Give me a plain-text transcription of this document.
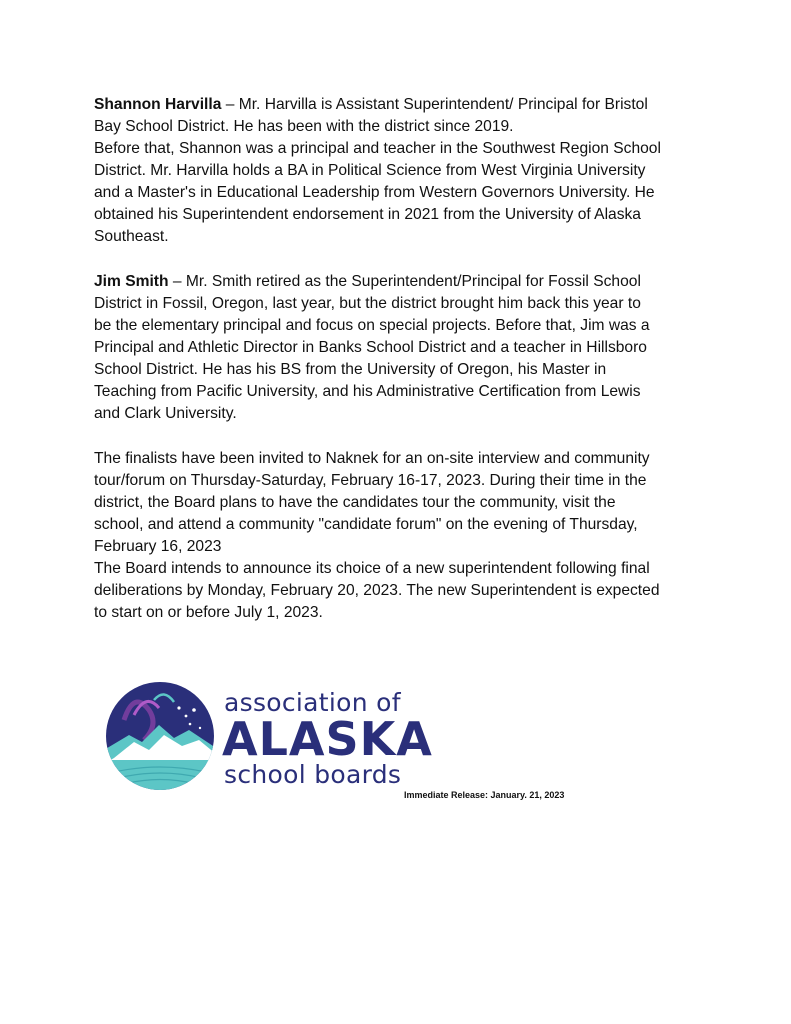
Shannon Harvilla – Mr. Harvilla is Assistant Superintendent/ Principal for Bristol
Bay School District. He has been with the district since 2019.
Before that, Shannon was a principal and teacher in the Southwest Region School
District. Mr. Harvilla holds a BA in Political Science from West Virginia University
and a Master's in Educational Leadership from Western Governors University. He
obtained his Superintendent endorsement in 2021 from the University of Alaska
Southeast.

Jim Smith – Mr. Smith retired as the Superintendent/Principal for Fossil School
District in Fossil, Oregon, last year, but the district brought him back this year to
be the elementary principal and focus on special projects. Before that, Jim was a
Principal and Athletic Director in Banks School District and a teacher in Hillsboro
School District. He has his BS from the University of Oregon, his Master in
Teaching from Pacific University, and his Administrative Certification from Lewis
and Clark University.

The finalists have been invited to Naknek for an on-site interview and community
tour/forum on Thursday-Saturday, February 16-17, 2023. During their time in the
district, the Board plans to have the candidates tour the community, visit the
school, and attend a community "candidate forum" on the evening of Thursday,
February 16, 2023
The Board intends to announce its choice of a new superintendent following final
deliberations by Monday, February 20, 2023. The new Superintendent is expected
to start on or before July 1, 2023.

association of
ALASKA
school boards
Immediate Release: January. 21, 2023
